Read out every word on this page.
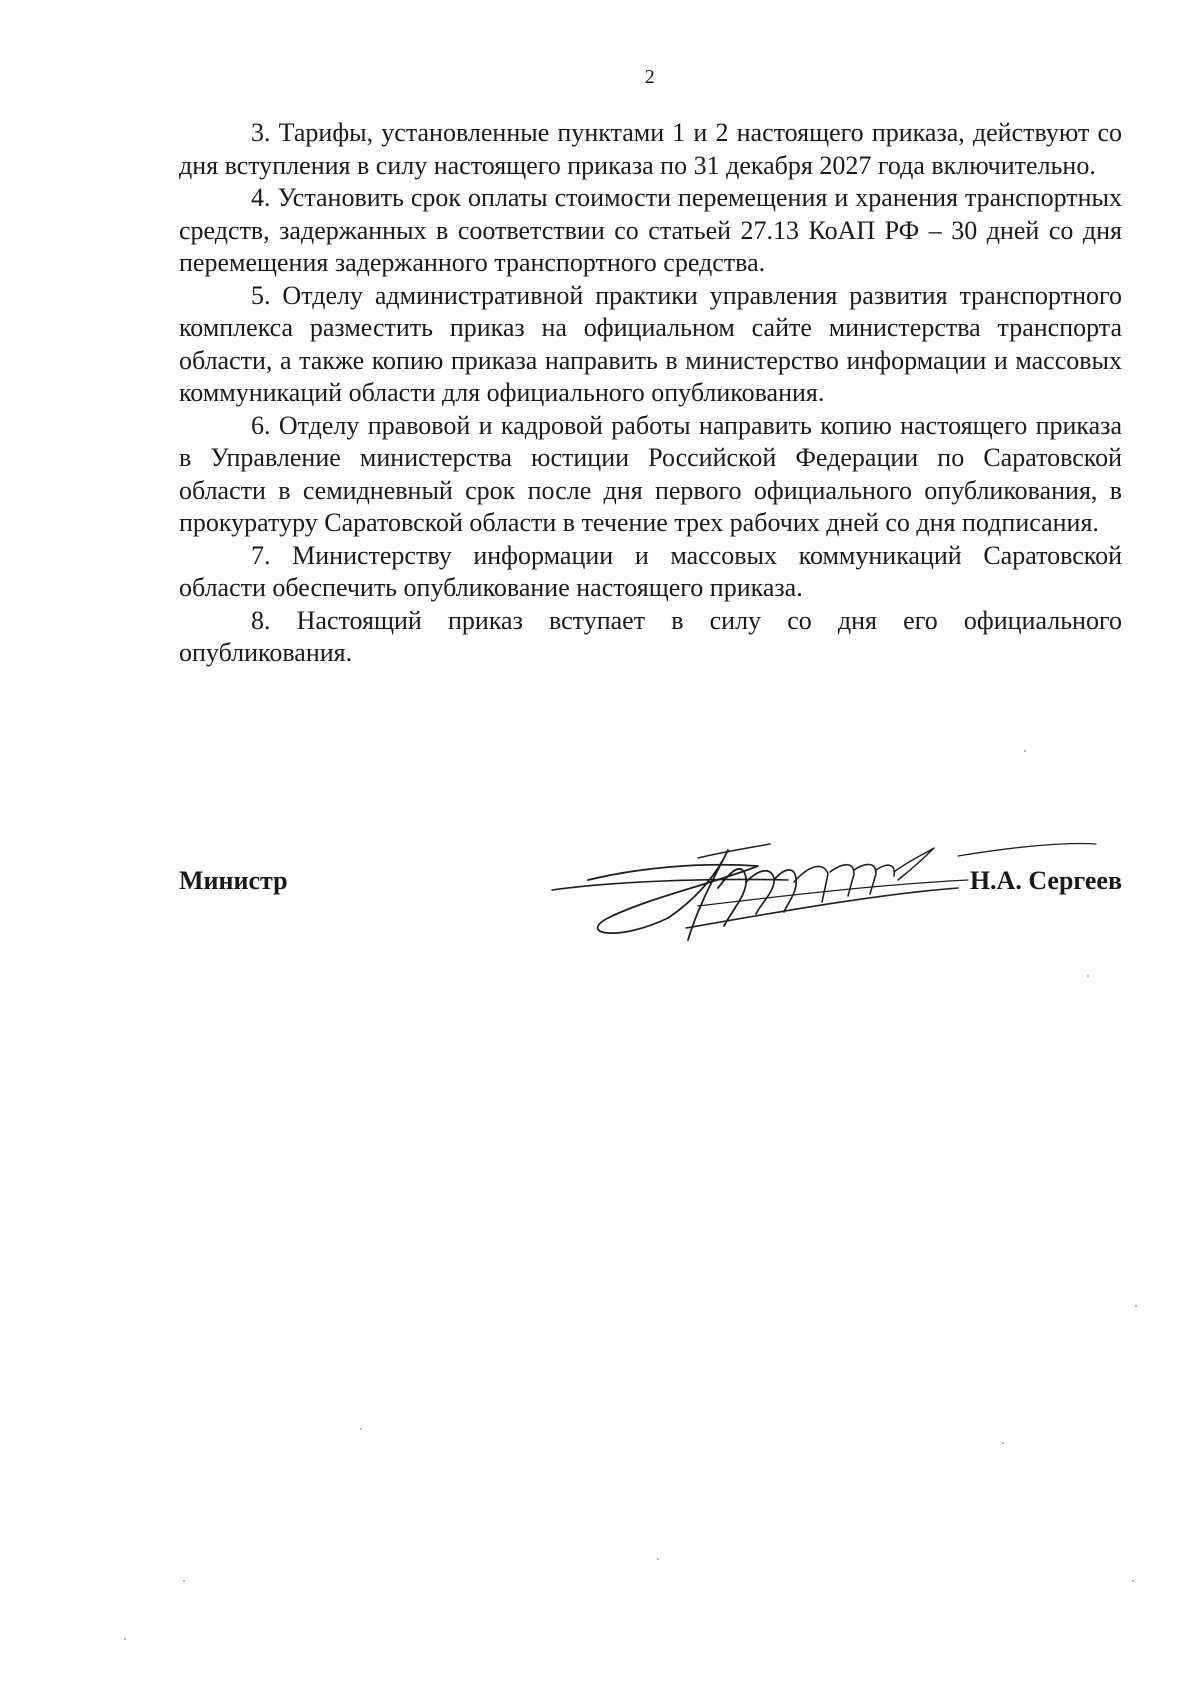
2

3. Тарифы, установленные пунктами 1 и 2 настоящего приказа, действуют со дня вступления в силу настоящего приказа по 31 декабря 2027 года включительно.

4. Установить срок оплаты стоимости перемещения и хранения транспортных средств, задержанных в соответствии со статьей 27.13 КоАП РФ – 30 дней со дня перемещения задержанного транспортного средства.

5. Отделу административной практики управления развития транспортного комплекса разместить приказ на официальном сайте министерства транспорта области, а также копию приказа направить в министерство информации и массовых коммуникаций области для официального опубликования.

6. Отделу правовой и кадровой работы направить копию настоящего приказа в Управление министерства юстиции Российской Федерации по Саратовской области в семидневный срок после дня первого официального опубликования, в прокуратуру Саратовской области в течение трех рабочих дней со дня подписания.

7. Министерству информации и массовых коммуникаций Саратовской области обеспечить опубликование настоящего приказа.

8. Настоящий приказ вступает в силу со дня его официального опубликования.

Министр	Н.А. Сергеев
